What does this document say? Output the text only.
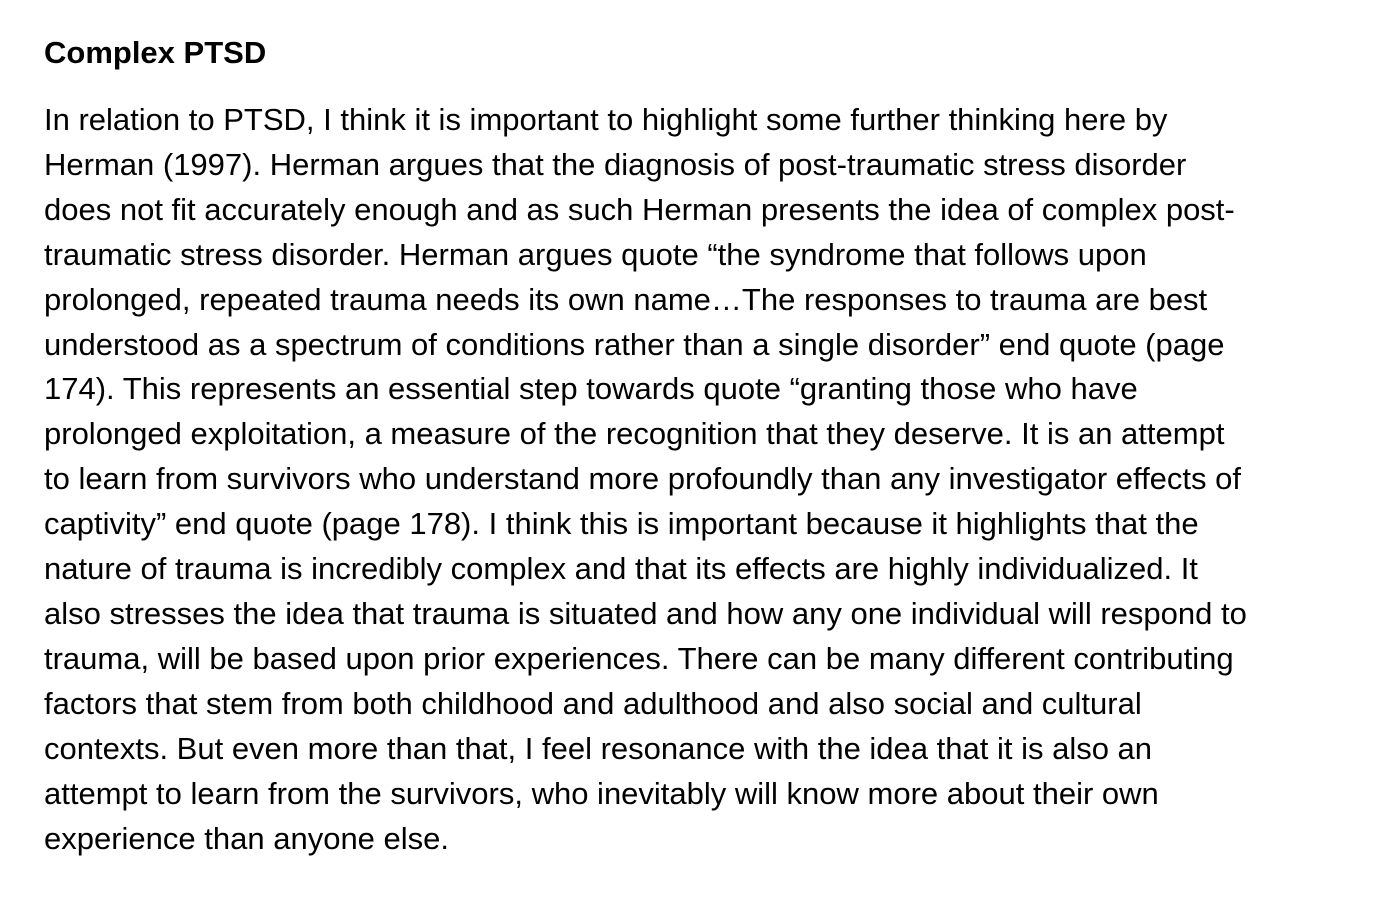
Complex PTSD
In relation to PTSD, I think it is important to highlight some further thinking here by
Herman (1997). Herman argues that the diagnosis of post-traumatic stress disorder
does not fit accurately enough and as such Herman presents the idea of complex post-
traumatic stress disorder. Herman argues quote “the syndrome that follows upon
prolonged, repeated trauma needs its own name…The responses to trauma are best
understood as a spectrum of conditions rather than a single disorder” end quote (page
174). This represents an essential step towards quote “granting those who have
prolonged exploitation, a measure of the recognition that they deserve. It is an attempt
to learn from survivors who understand more profoundly than any investigator effects of
captivity” end quote (page 178). I think this is important because it highlights that the
nature of trauma is incredibly complex and that its effects are highly individualized. It
also stresses the idea that trauma is situated and how any one individual will respond to
trauma, will be based upon prior experiences. There can be many different contributing
factors that stem from both childhood and adulthood and also social and cultural
contexts. But even more than that, I feel resonance with the idea that it is also an
attempt to learn from the survivors, who inevitably will know more about their own
experience than anyone else.
